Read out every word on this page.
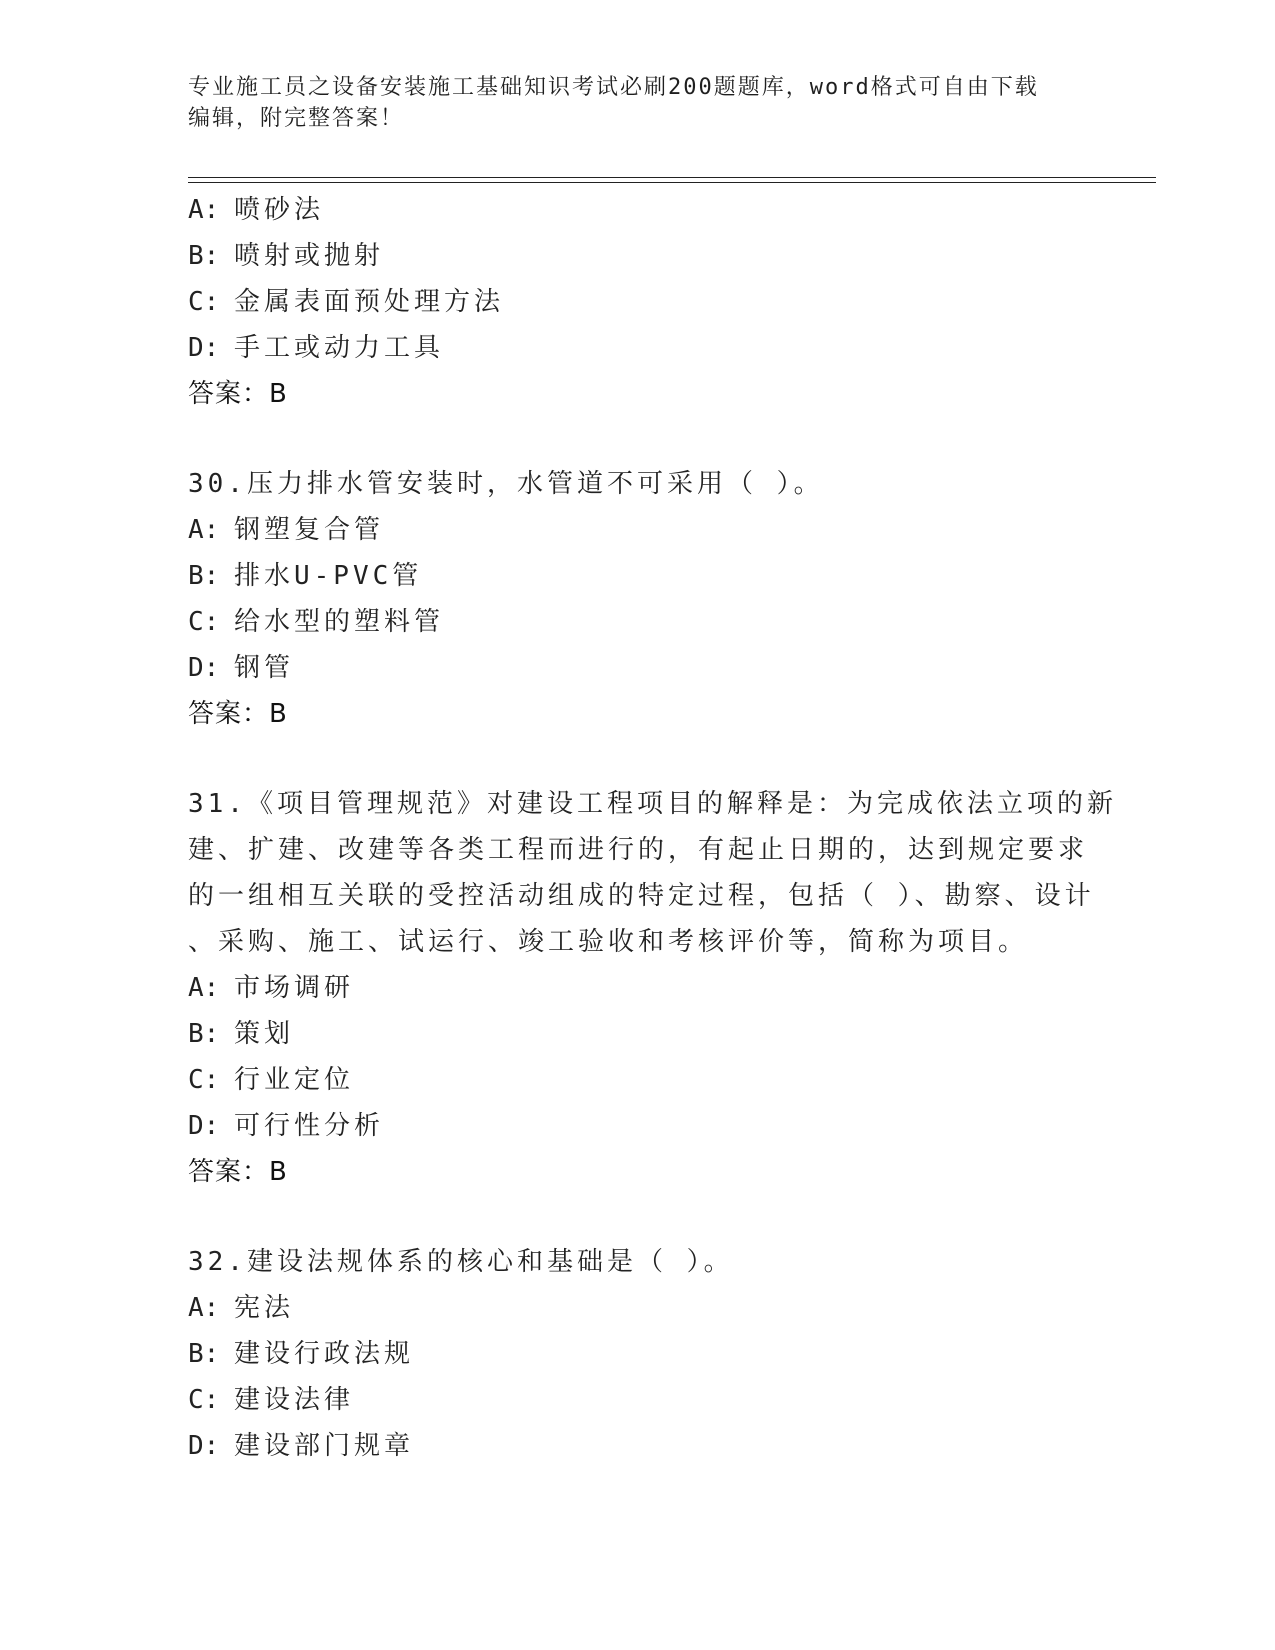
专业施工员之设备安装施工基础知识考试必刷200题题库，word格式可自由下载
编辑，附完整答案！
A: 喷砂法
B: 喷射或抛射
C: 金属表面预处理方法
D: 手工或动力工具
答案：B
30.压力排水管安装时，水管道不可采用（ ）。
A: 钢塑复合管
B: 排水U-PVC管
C: 给水型的塑料管
D: 钢管
答案：B
31.《项目管理规范》对建设工程项目的解释是：为完成依法立项的新
建、扩建、改建等各类工程而进行的，有起止日期的，达到规定要求
的一组相互关联的受控活动组成的特定过程，包括（ ）、勘察、设计
、采购、施工、试运行、竣工验收和考核评价等，简称为项目。
A: 市场调研
B: 策划
C: 行业定位
D: 可行性分析
答案：B
32.建设法规体系的核心和基础是（ ）。
A: 宪法
B: 建设行政法规
C: 建设法律
D: 建设部门规章
